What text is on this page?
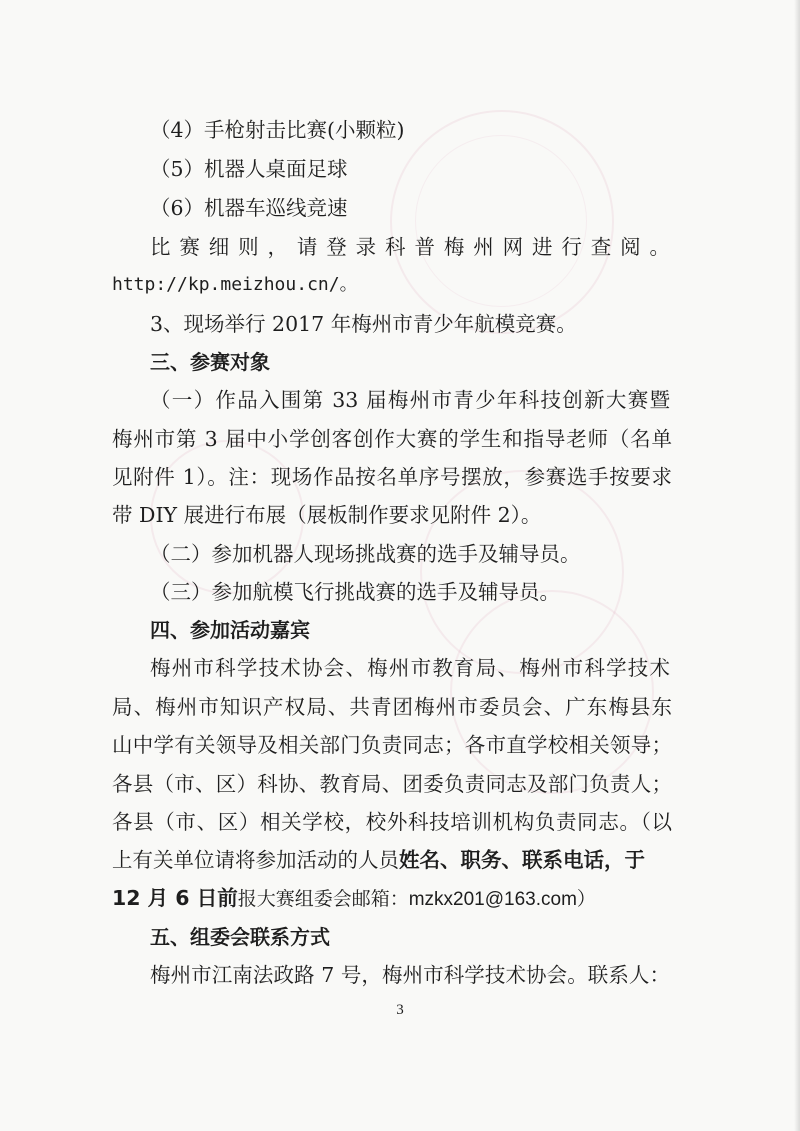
（4）手枪射击比赛(小颗粒)
（5）机器人桌面足球
（6）机器车巡线竞速
比赛细则，请登录科普梅州网进行查阅。
http://kp.meizhou.cn/。
3、现场举行 2017 年梅州市青少年航模竞赛。
三、参赛对象
（一）作品入围第 33 届梅州市青少年科技创新大赛暨
梅州市第 3 届中小学创客创作大赛的学生和指导老师（名单
见附件 1）。注：现场作品按名单序号摆放，参赛选手按要求
带 DIY 展进行布展（展板制作要求见附件 2）。
（二）参加机器人现场挑战赛的选手及辅导员。
（三）参加航模飞行挑战赛的选手及辅导员。
四、参加活动嘉宾
梅州市科学技术协会、梅州市教育局、梅州市科学技术
局、梅州市知识产权局、共青团梅州市委员会、广东梅县东
山中学有关领导及相关部门负责同志；各市直学校相关领导；
各县（市、区）科协、教育局、团委负责同志及部门负责人；
各县（市、区）相关学校，校外科技培训机构负责同志。（以
上有关单位请将参加活动的人员姓名、职务、联系电话，于
12 月 6 日前报大赛组委会邮箱：mzkx201@163.com）
五、组委会联系方式
梅州市江南法政路 7 号，梅州市科学技术协会。联系人：
3
